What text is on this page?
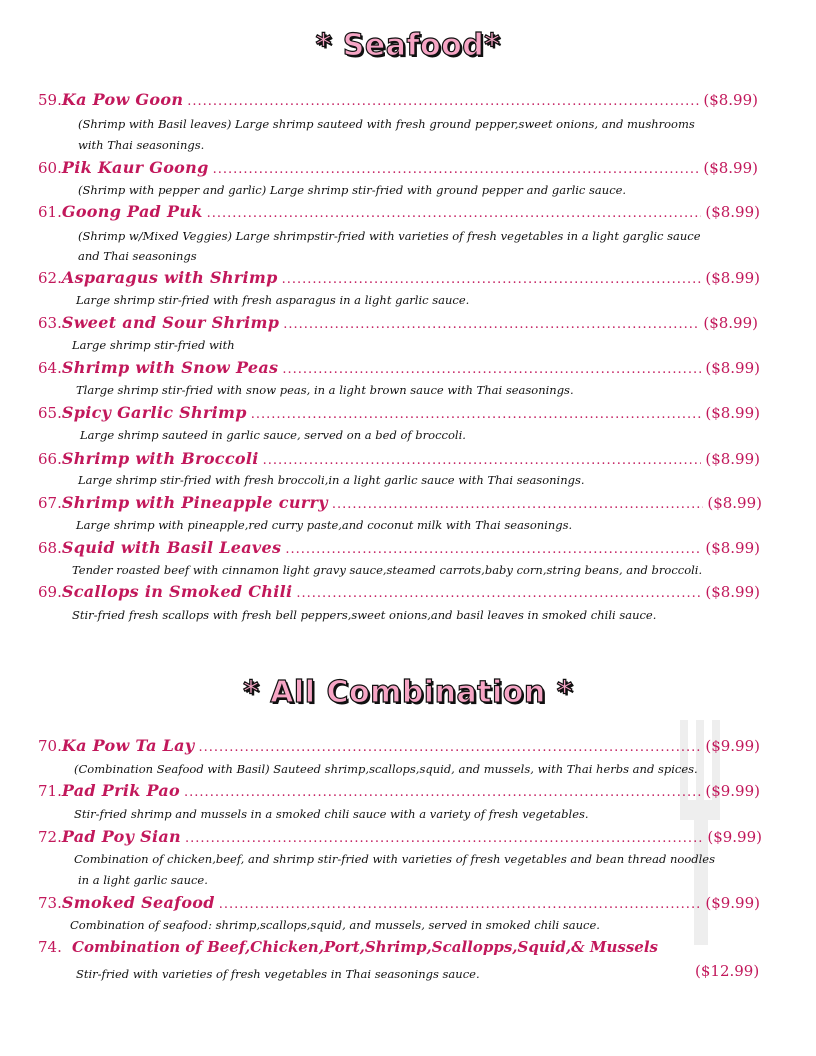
* Seafood*
59. Ka Pow Goon .....	($8.99)
(Shrimp with Basil leaves) Large shrimp sauteed with fresh ground pepper,sweet onions, and mushrooms
with Thai seasonings.
60. Pik Kaur Goong .....	($8.99)
(Shrimp with pepper and garlic) Large shrimp stir-fried with ground pepper and garlic sauce.
61. Goong Pad Puk .....	($8.99)
(Shrimp w/Mixed Veggies) Large shrimpstir-fried with varieties of fresh vegetables in a light garglic sauce
and Thai seasonings
62. Asparagus with Shrimp .....	($8.99)
Large shrimp stir-fried with fresh asparagus in a light garlic sauce.
63. Sweet and Sour Shrimp .....	($8.99)
Large shrimp stir-fried with
64. Shrimp with Snow Peas .....	($8.99)
Tlarge shrimp stir-fried with snow peas, in a light brown sauce with Thai seasonings.
65. Spicy Garlic Shrimp .....	($8.99)
Large shrimp sauteed in garlic sauce, served on a bed of broccoli.
66. Shrimp with Broccoli .....	($8.99)
Large shrimp stir-fried with fresh broccoli,in a light garlic sauce with Thai seasonings.
67. Shrimp with Pineapple curry .....	($8.99)
Large shrimp with pineapple,red curry paste,and coconut milk with Thai seasonings.
68. Squid with Basil Leaves .....	($8.99)
Tender roasted beef with cinnamon light gravy sauce,steamed carrots,baby corn,string beans, and broccoli.
69. Scallops in Smoked Chili .....	($8.99)
Stir-fried fresh scallops with fresh bell peppers,sweet onions,and basil leaves in smoked chili sauce.
* All Combination *
70. Ka Pow Ta Lay .....	($9.99)
(Combination Seafood with Basil) Sauteed shrimp,scallops,squid, and mussels, with Thai herbs and spices.
71. Pad Prik Pao .....	($9.99)
Stir-fried shrimp and mussels in a smoked chili sauce with a variety of fresh vegetables.
72. Pad Poy Sian .....	($9.99)
Combination of chicken,beef, and shrimp stir-fried with varieties of fresh vegetables and bean thread noodles
in a light garlic sauce.
73. Smoked Seafood .....	($9.99)
Combination of seafood: shrimp,scallops,squid, and mussels, served in smoked chili sauce.
74. Combination of Beef,Chicken,Port,Shrimp,Scallopps,Squid,& Mussels
Stir-fried with varieties of fresh vegetables in Thai seasonings sauce.	($12.99)
